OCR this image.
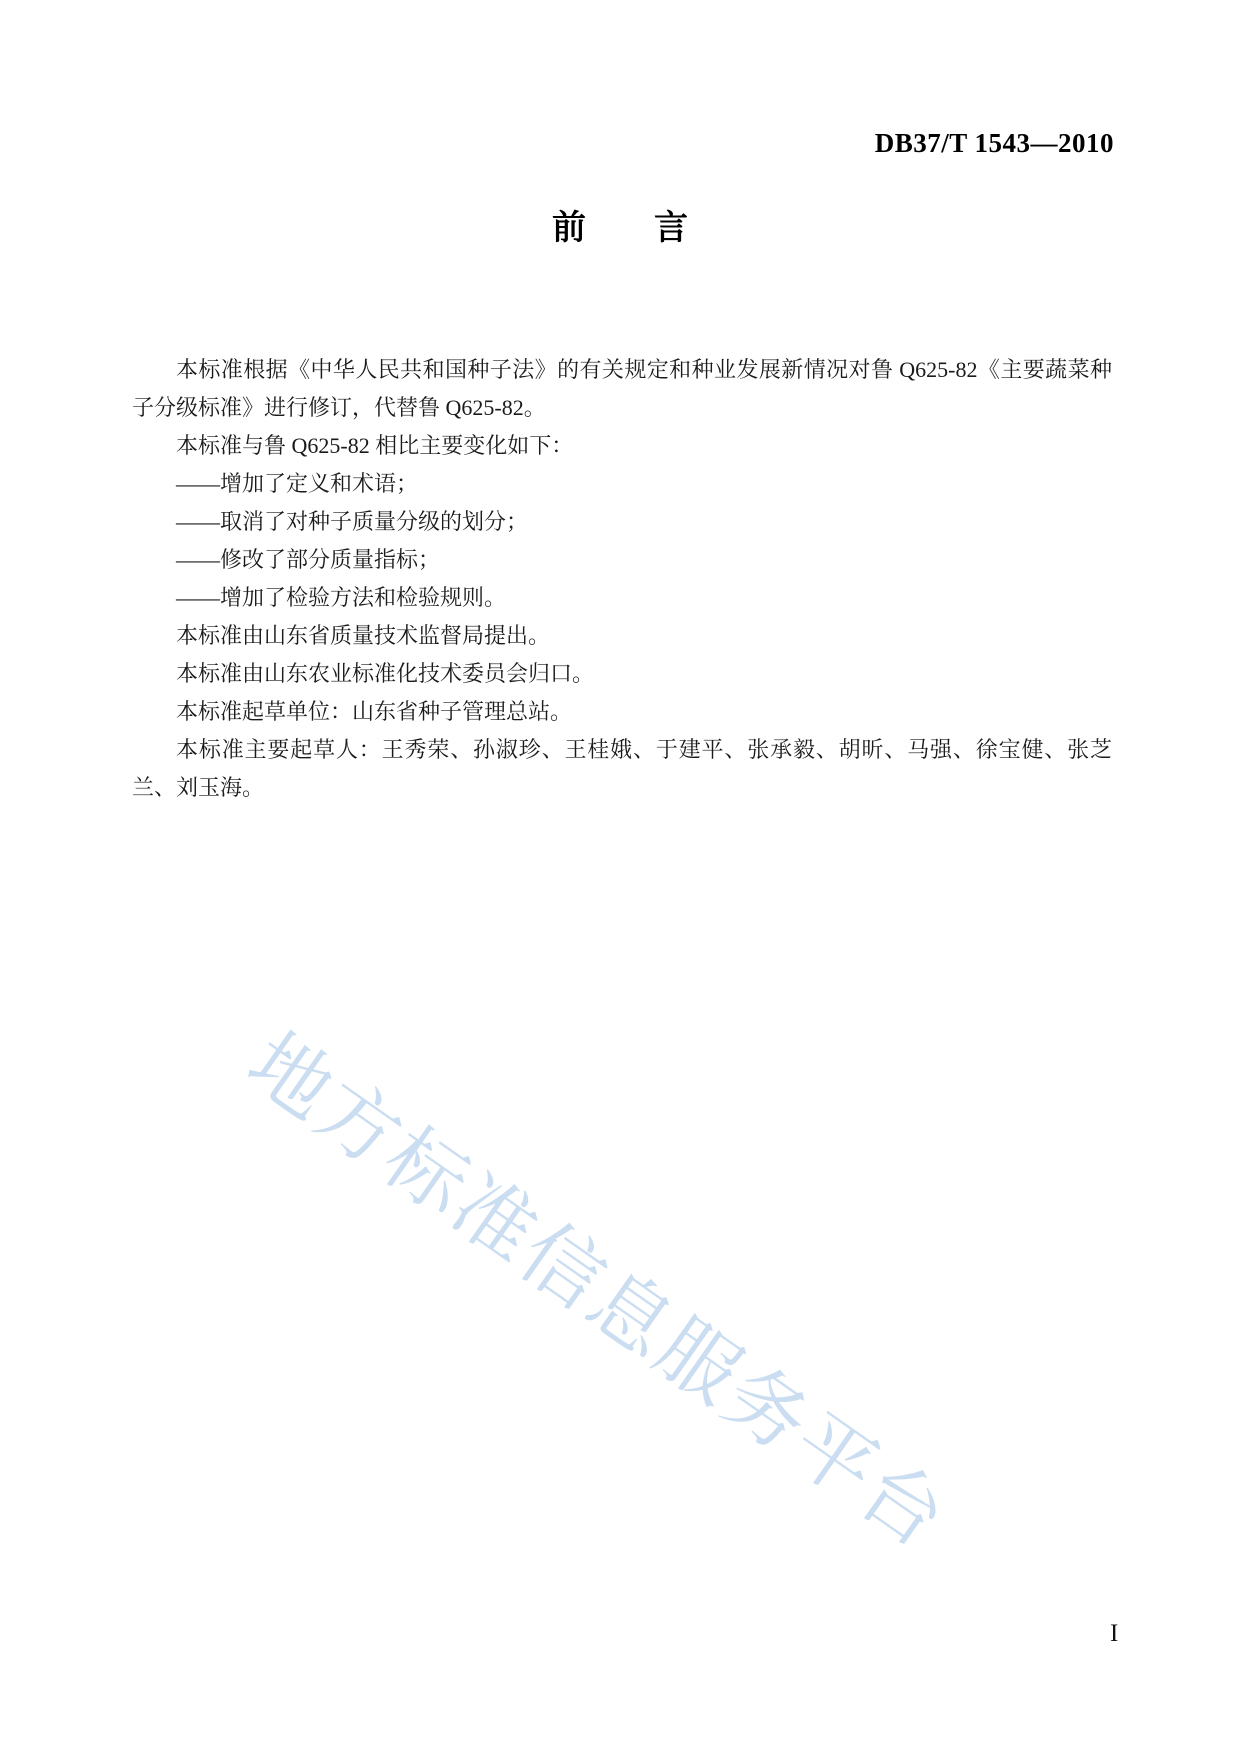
DB37/T 1543—2010
前　　言

本标准根据《中华人民共和国种子法》的有关规定和种业发展新情况对鲁 Q625-82《主要蔬菜种子分级标准》进行修订，代替鲁 Q625-82。

本标准与鲁 Q625-82 相比主要变化如下：

——增加了定义和术语；

——取消了对种子质量分级的划分；

——修改了部分质量指标；

——增加了检验方法和检验规则。

本标准由山东省质量技术监督局提出。

本标准由山东农业标准化技术委员会归口。

本标准起草单位：山东省种子管理总站。

本标准主要起草人：王秀荣、孙淑珍、王桂娥、于建平、张承毅、胡昕、马强、徐宝健、张芝兰、刘玉海。

地方标准信息服务平台
I
